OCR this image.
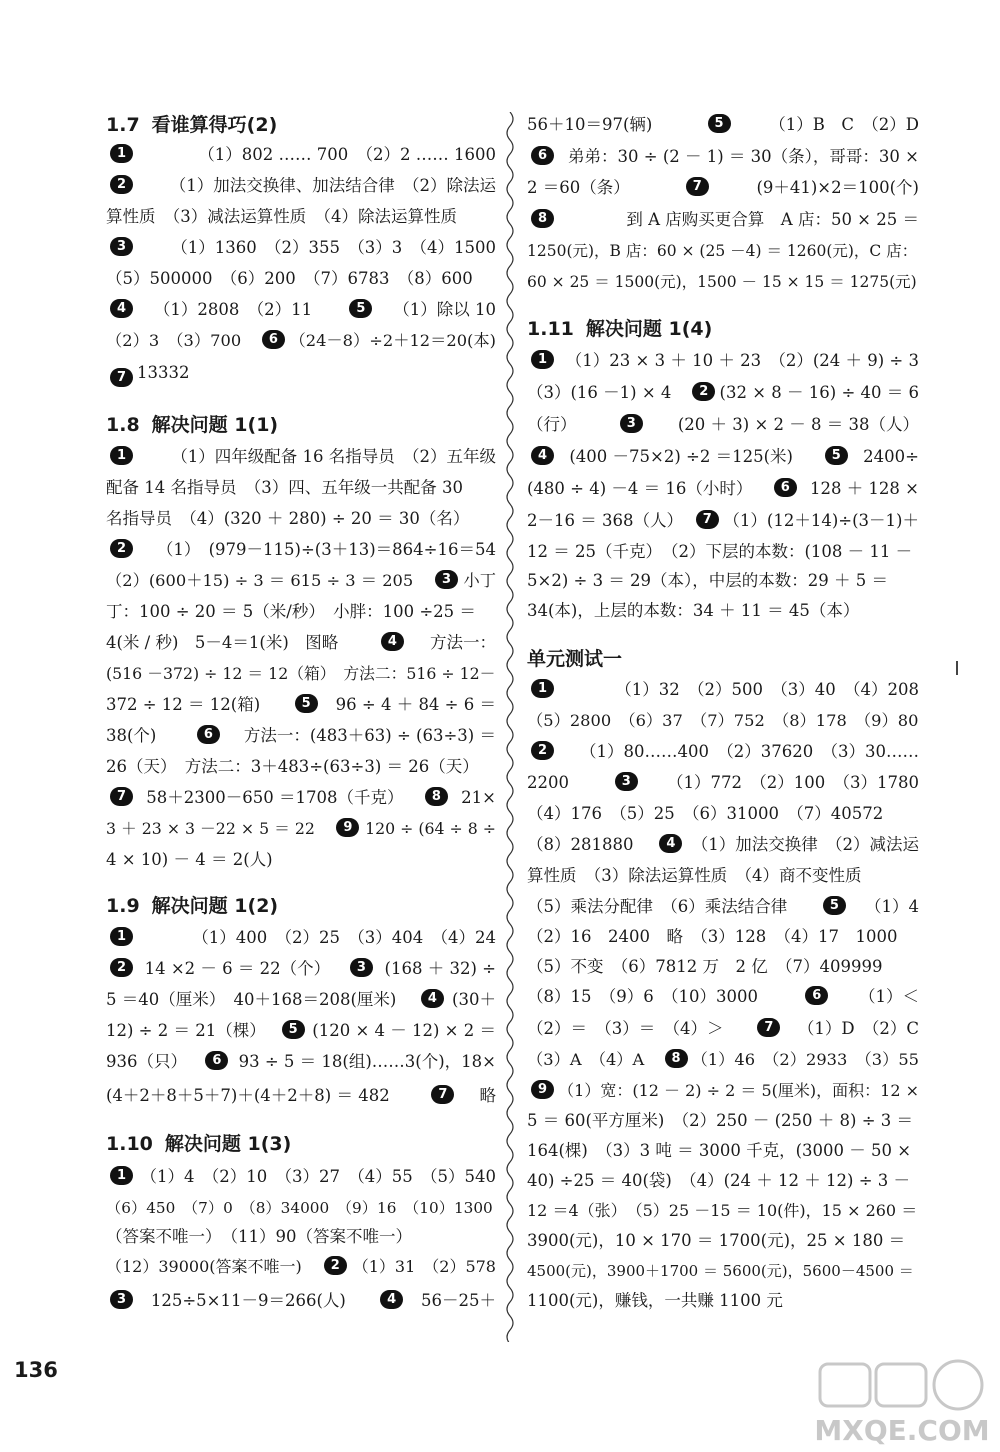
1.7 看谁算得巧(2)
1	（1）802 …… 700　（2）2 …… 1600
2	（1）加法交换律、加法结合律　（2）除法运
算性质　（3）减法运算性质　（4）除法运算性质
3	（1）1360　（2）355　（3）3　（4）1500
（5）500000　（6）200　（7）6783　（8）600
4	（1）2808　（2）11　	5	（1）除以 10
（2）3　（3）700　 6 （24－8）÷2＋12＝20(本)
7 13332
1.8 解决问题 1(1)
1	（1）四年级配备 16 名指导员　（2）五年级
配备 14 名指导员　（3）四、五年级一共配备 30
名指导员　（4）(320 ＋ 280) ÷ 20 ＝ 30（名）
2	（1）　(979－115)÷(3＋13)＝864÷16＝54
（2）(600＋15) ÷ 3 ＝ 615 ÷ 3 ＝ 205　 3 小丁
丁：100 ÷ 20 ＝ 5（米/秒）　小胖：100 ÷25 ＝
4(米 / 秒)　5－4＝1(米)　图略　	4	方法一：
(516 －372) ÷ 12 ＝ 12（箱）　方法二：516 ÷ 12－
372 ÷ 12 ＝ 12(箱)　	5	96 ÷ 4 ＋ 84 ÷ 6 ＝
38(个)　	6	方法一：(483＋63) ÷ (63÷3) ＝
26（天）　方法二：3＋483÷(63÷3) ＝ 26（天）
7	58＋2300－650 ＝1708（千克）　	8	21×
3 ＋ 23 × 3 －22 × 5 ＝ 22　 9 120 ÷ (64 ÷ 8 ÷
4 × 10) － 4 ＝ 2(人)
1.9 解决问题 1(2)
1	（1）400　（2）25　（3）404　（4）24
2	14 ×2 － 6 ＝ 22（个）　	3	(168 ＋ 32) ÷
5 ＝40（厘米）　40＋168＝208(厘米)　	4 (30＋
12) ÷ 2 ＝ 21（棵）　	5 (120 × 4 － 12) × 2 ＝
936（只）　	6	93 ÷ 5 ＝ 18(组)……3(个)，18×
(4＋2＋8＋5＋7)＋(4＋2＋8) ＝ 482　	7	略
1.10 解决问题 1(3)
1 （1）4　（2）10　（3）27　（4）55　（5）540
（6）450　（7）0　（8）34000　（9）16　（10）1300
（答案不唯一）　（11）90（答案不唯一）
（12）39000(答案不唯一)　 2 （1）31　（2）578
3	125÷5×11－9＝266(人)　	4	56－25＋
56＋10＝97(辆)　	5	（1）B　C　（2）D
6	弟弟：30 ÷ (2 － 1) ＝ 30（条），哥哥：30 ×
2 ＝60（条）　	7	(9＋41)×2＝100(个)
8	到 A 店购买更合算　A 店：50 × 25 ＝
1250(元)，B 店：60 × (25 －4) ＝ 1260(元)，C 店：
60 × 25 ＝ 1500(元)，1500 － 15 × 15 ＝ 1275(元)
1.11 解决问题 1(4)
1	（1）23 × 3 ＋ 10 ＋ 23　（2）(24 ＋ 9) ÷ 3
（3）(16 －1) × 4　 2 (32 × 8 － 16) ÷ 40 ＝ 6
（行）　	3	(20 ＋ 3) × 2 － 8 ＝ 38（人）
4	(400 －75×2) ÷2 ＝125(米)　	5	2400÷
(480 ÷ 4) －4 ＝ 16（小时）　	6	128 ＋ 128 ×
2－16 ＝ 368（人）　 7 （1）(12＋14)÷(3－1)＋
12 ＝ 25（千克）　（2）下层的本数：(108 － 11 －
5×2) ÷ 3 ＝ 29（本），中层的本数：29 ＋ 5 ＝
34(本)，上层的本数：34 ＋ 11 ＝ 45（本）
单元测试一
1	（1）32　（2）500　（3）40　（4）208
（5）2800　（6）37　（7）752　（8）178　（9）80
2	（1）80……400　（2）37620　（3）30……
2200　	3	（1）772　（2）100　（3）1780
（4）176　（5）25　（6）31000　（7）40572
（8）281880　	4 （1）加法交换律　（2）减法运
算性质　（3）除法运算性质　（4）商不变性质
（5）乘法分配律　（6）乘法结合律　	5	（1）4
（2）16　2400　略　（3）128　（4）17　1000
（5）不变　（6）7812 万　2 亿　（7）409999
（8）15　（9）6　（10）3000　	6	（1）＜
（2）＝　（3）＝　（4）＞　	7	（1）D　（2）C
（3）A　（4）A　 8 （1）46　（2）2933　（3）55
9 （1）宽：(12 － 2) ÷ 2 ＝ 5(厘米)，面积：12 ×
5 ＝ 60(平方厘米)　（2）250 － (250 ＋ 8) ÷ 3 ＝
164(棵)　（3）3 吨 ＝ 3000 千克，(3000 － 50 ×
40) ÷25 ＝ 40(袋)　（4）(24 ＋ 12 ＋ 12) ÷ 3 －
12 ＝4（张）　（5）25 －15 ＝ 10(件)，15 × 260 ＝
3900(元)，10 × 170 ＝ 1700(元)，25 × 180 ＝
4500(元)，3900＋1700 ＝ 5600(元)，5600－4500 ＝
1100(元)，赚钱，一共赚 1100 元
136
MXQE.COM
